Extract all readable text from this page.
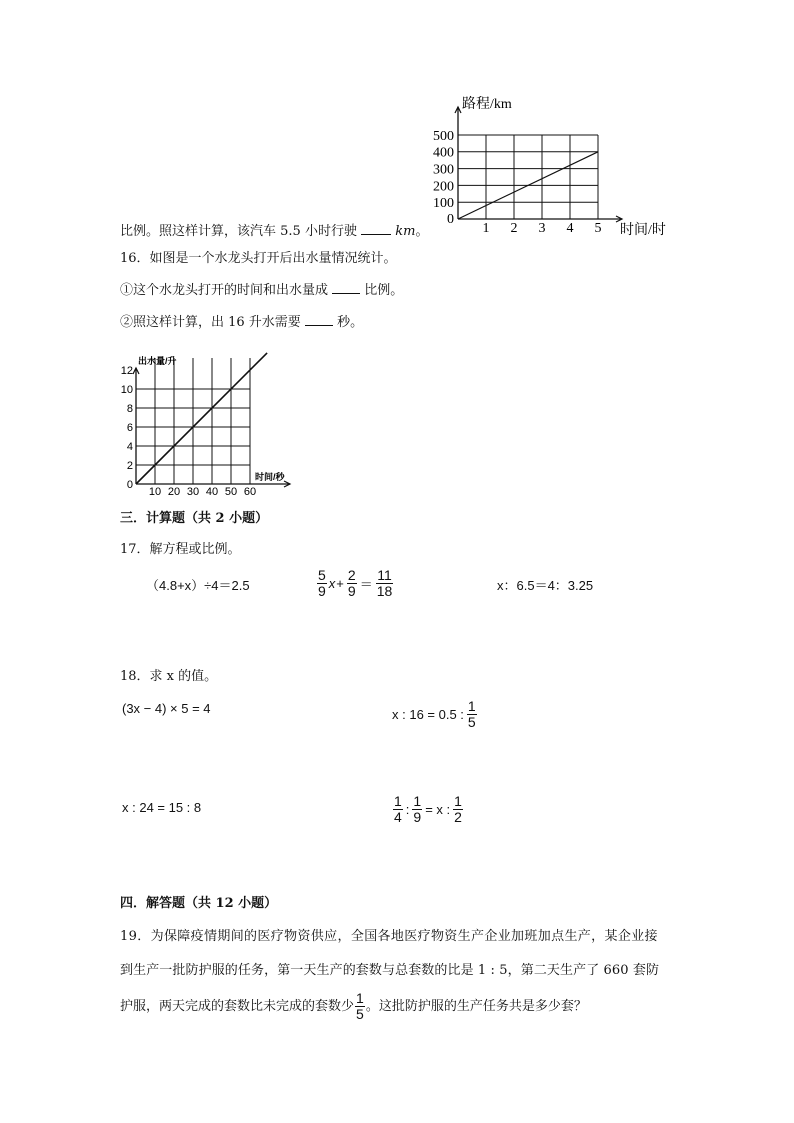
1 2 3 4 5
100
200
300
400
500
0
路程/km
时间/时
比例。照这样计算，该汽车 5.5 小时行驶	km。
16．如图是一个水龙头打开后出水量情况统计。
①这个水龙头打开的时间和出水量成	比例。
②照这样计算，出 16 升水需要	秒。
10 20 30 40 50 60
2
4
6
8
10
12
0
出水量/升
时间/秒
三．计算题（共 2 小题）
17．解方程或比例。
（4.8+x）÷4＝2.5	$\frac{5}{9}$ $x + \frac{2}{9} = \frac{11}{18}$	x：6.5＝4：3.25
18．求 x 的值。
(3x − 4) × 5 = 4	x : 16 = 0.5 : $\frac{1}{5}$
x : 24 = 15 : 8	$\frac{1}{4}$ : $\frac{1}{9} = x$ : $\frac{1}{2}$
四．解答题（共 12 小题）
19．为保障疫情期间的医疗物资供应，全国各地医疗物资生产企业加班加点生产，某企业接
到生产一批防护服的任务，第一天生产的套数与总套数的比是 1 : 5，第二天生产了 660 套防
护服，两天完成的套数比未完成的套数少 $\frac{1}{5}$ 。这批防护服的生产任务共是多少套？
